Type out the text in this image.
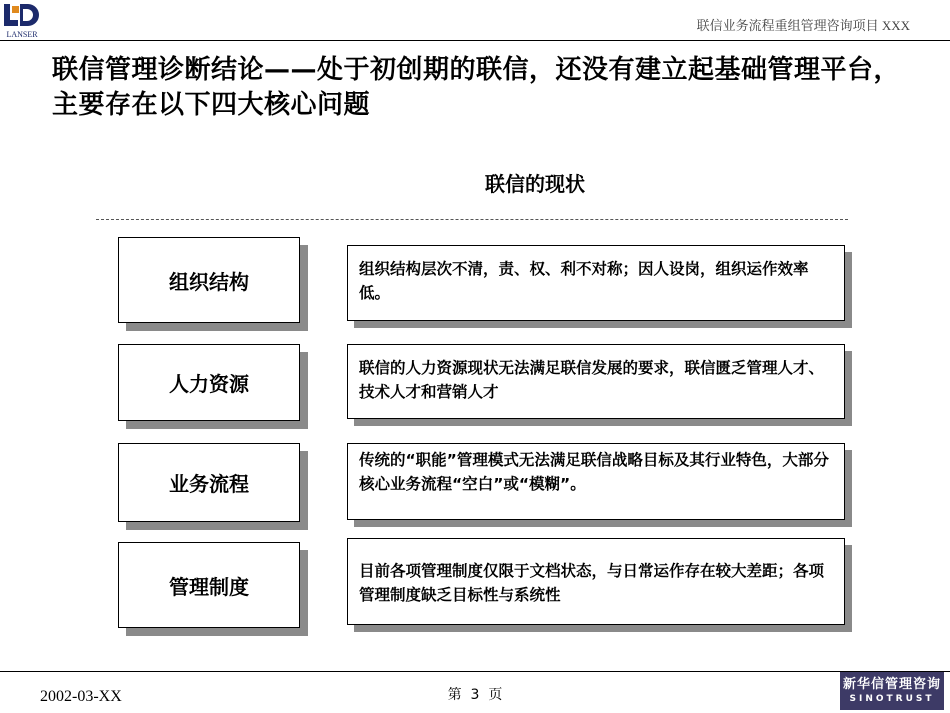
LANSER
联信业务流程重组管理咨询项目 XXX
联信管理诊断结论——处于初创期的联信，还没有建立起基础管理平台，主要存在以下四大核心问题
联信的现状
组织结构
组织结构层次不清，责、权、利不对称；因人设岗，组织运作效率低。
人力资源
联信的人力资源现状无法满足联信发展的要求，联信匮乏管理人才、技术人才和营销人才
业务流程
传统的“职能”管理模式无法满足联信战略目标及其行业特色，大部分核心业务流程“空白”或“模糊”。
管理制度
目前各项管理制度仅限于文档状态，与日常运作存在较大差距；各项管理制度缺乏目标性与系统性
2002-03-XX	第  3  页
新华信管理咨询
SINOTRUST
